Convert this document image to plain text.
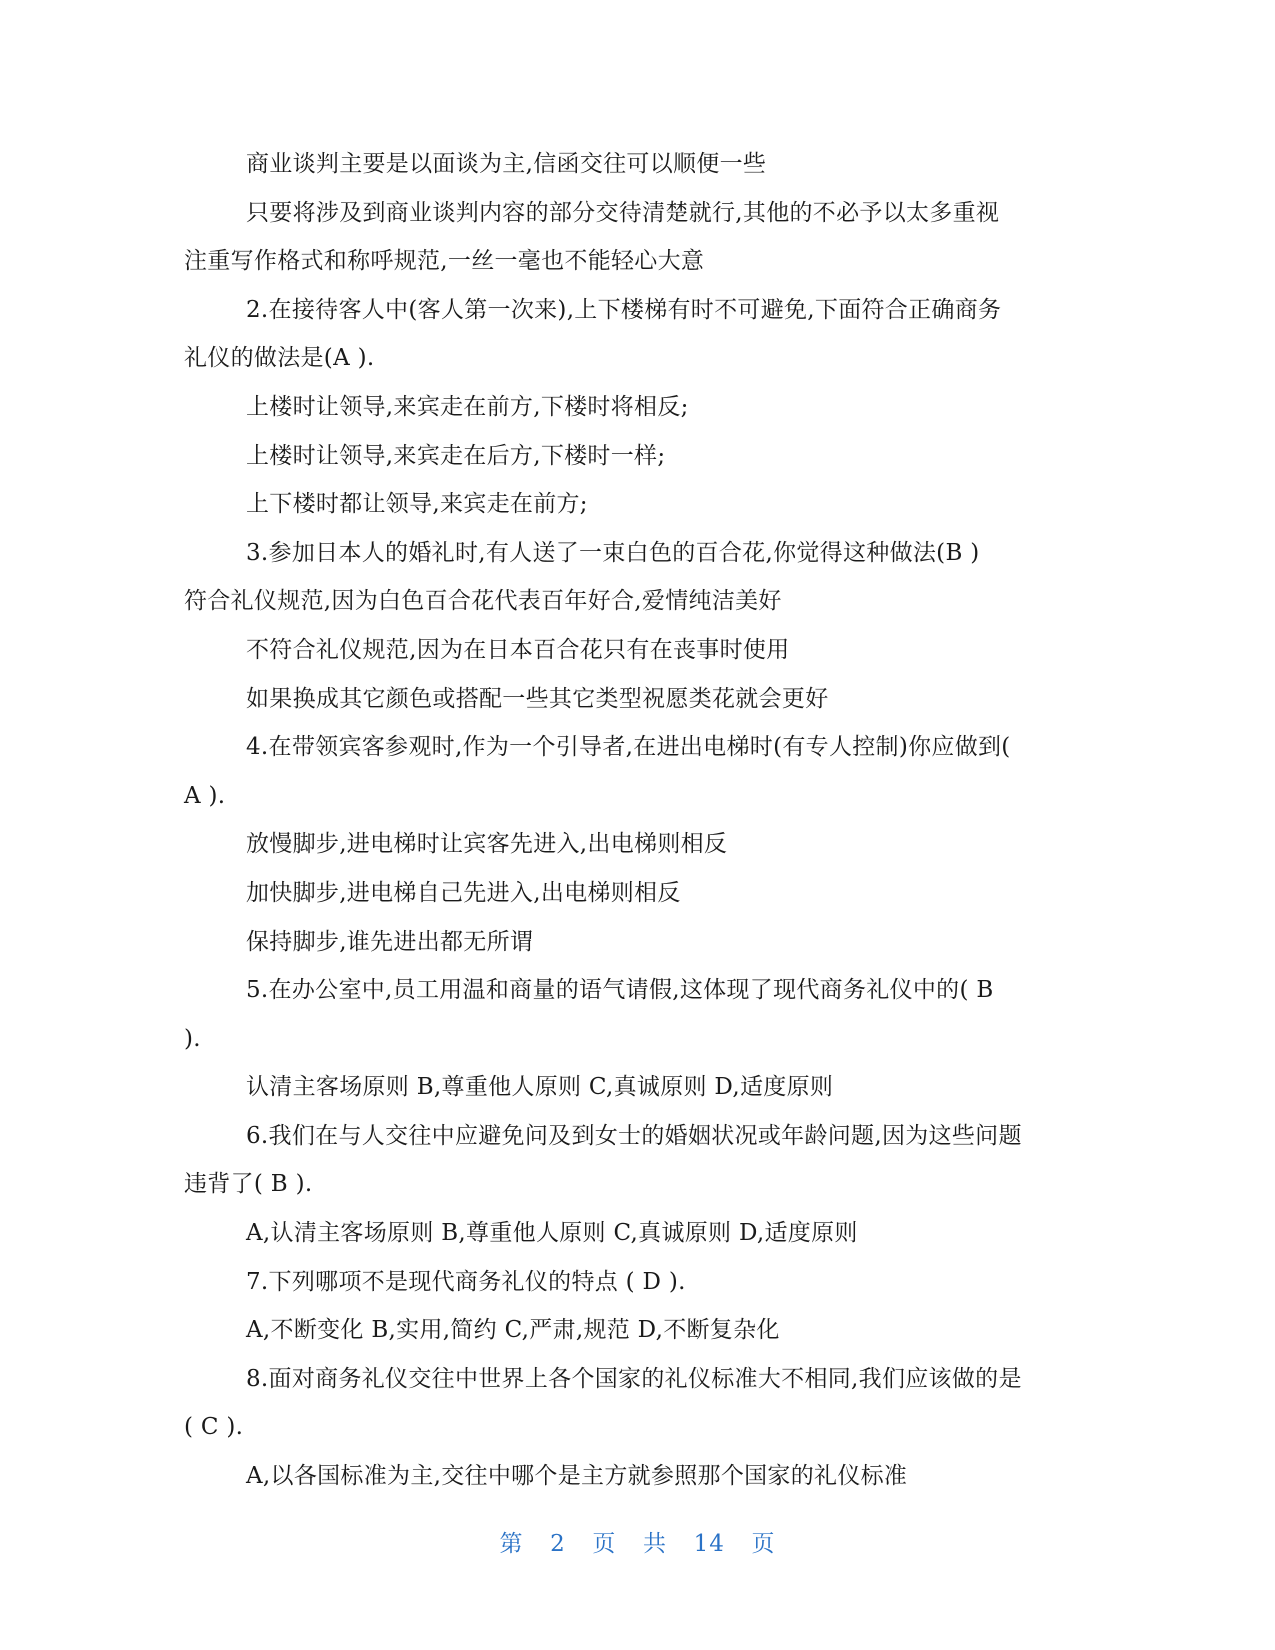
商业谈判主要是以面谈为主,信函交往可以顺便一些
只要将涉及到商业谈判内容的部分交待清楚就行,其他的不必予以太多重视
注重写作格式和称呼规范,一丝一毫也不能轻心大意
2.在接待客人中(客人第一次来),上下楼梯有时不可避免,下面符合正确商务
礼仪的做法是(A ).
上楼时让领导,来宾走在前方,下楼时将相反;
上楼时让领导,来宾走在后方,下楼时一样;
上下楼时都让领导,来宾走在前方;
3.参加日本人的婚礼时,有人送了一束白色的百合花,你觉得这种做法(B )
符合礼仪规范,因为白色百合花代表百年好合,爱情纯洁美好
不符合礼仪规范,因为在日本百合花只有在丧事时使用
如果换成其它颜色或搭配一些其它类型祝愿类花就会更好
4.在带领宾客参观时,作为一个引导者,在进出电梯时(有专人控制)你应做到(
A ).
放慢脚步,进电梯时让宾客先进入,出电梯则相反
加快脚步,进电梯自己先进入,出电梯则相反
保持脚步,谁先进出都无所谓
5.在办公室中,员工用温和商量的语气请假,这体现了现代商务礼仪中的( B
).
认清主客场原则 B,尊重他人原则 C,真诚原则 D,适度原则
6.我们在与人交往中应避免问及到女士的婚姻状况或年龄问题,因为这些问题
违背了( B ).
A,认清主客场原则 B,尊重他人原则 C,真诚原则 D,适度原则
7.下列哪项不是现代商务礼仪的特点 ( D ).
A,不断变化 B,实用,简约 C,严肃,规范 D,不断复杂化
8.面对商务礼仪交往中世界上各个国家的礼仪标准大不相同,我们应该做的是
( C ).
A,以各国标准为主,交往中哪个是主方就参照那个国家的礼仪标准
第 2 页 共 14 页
